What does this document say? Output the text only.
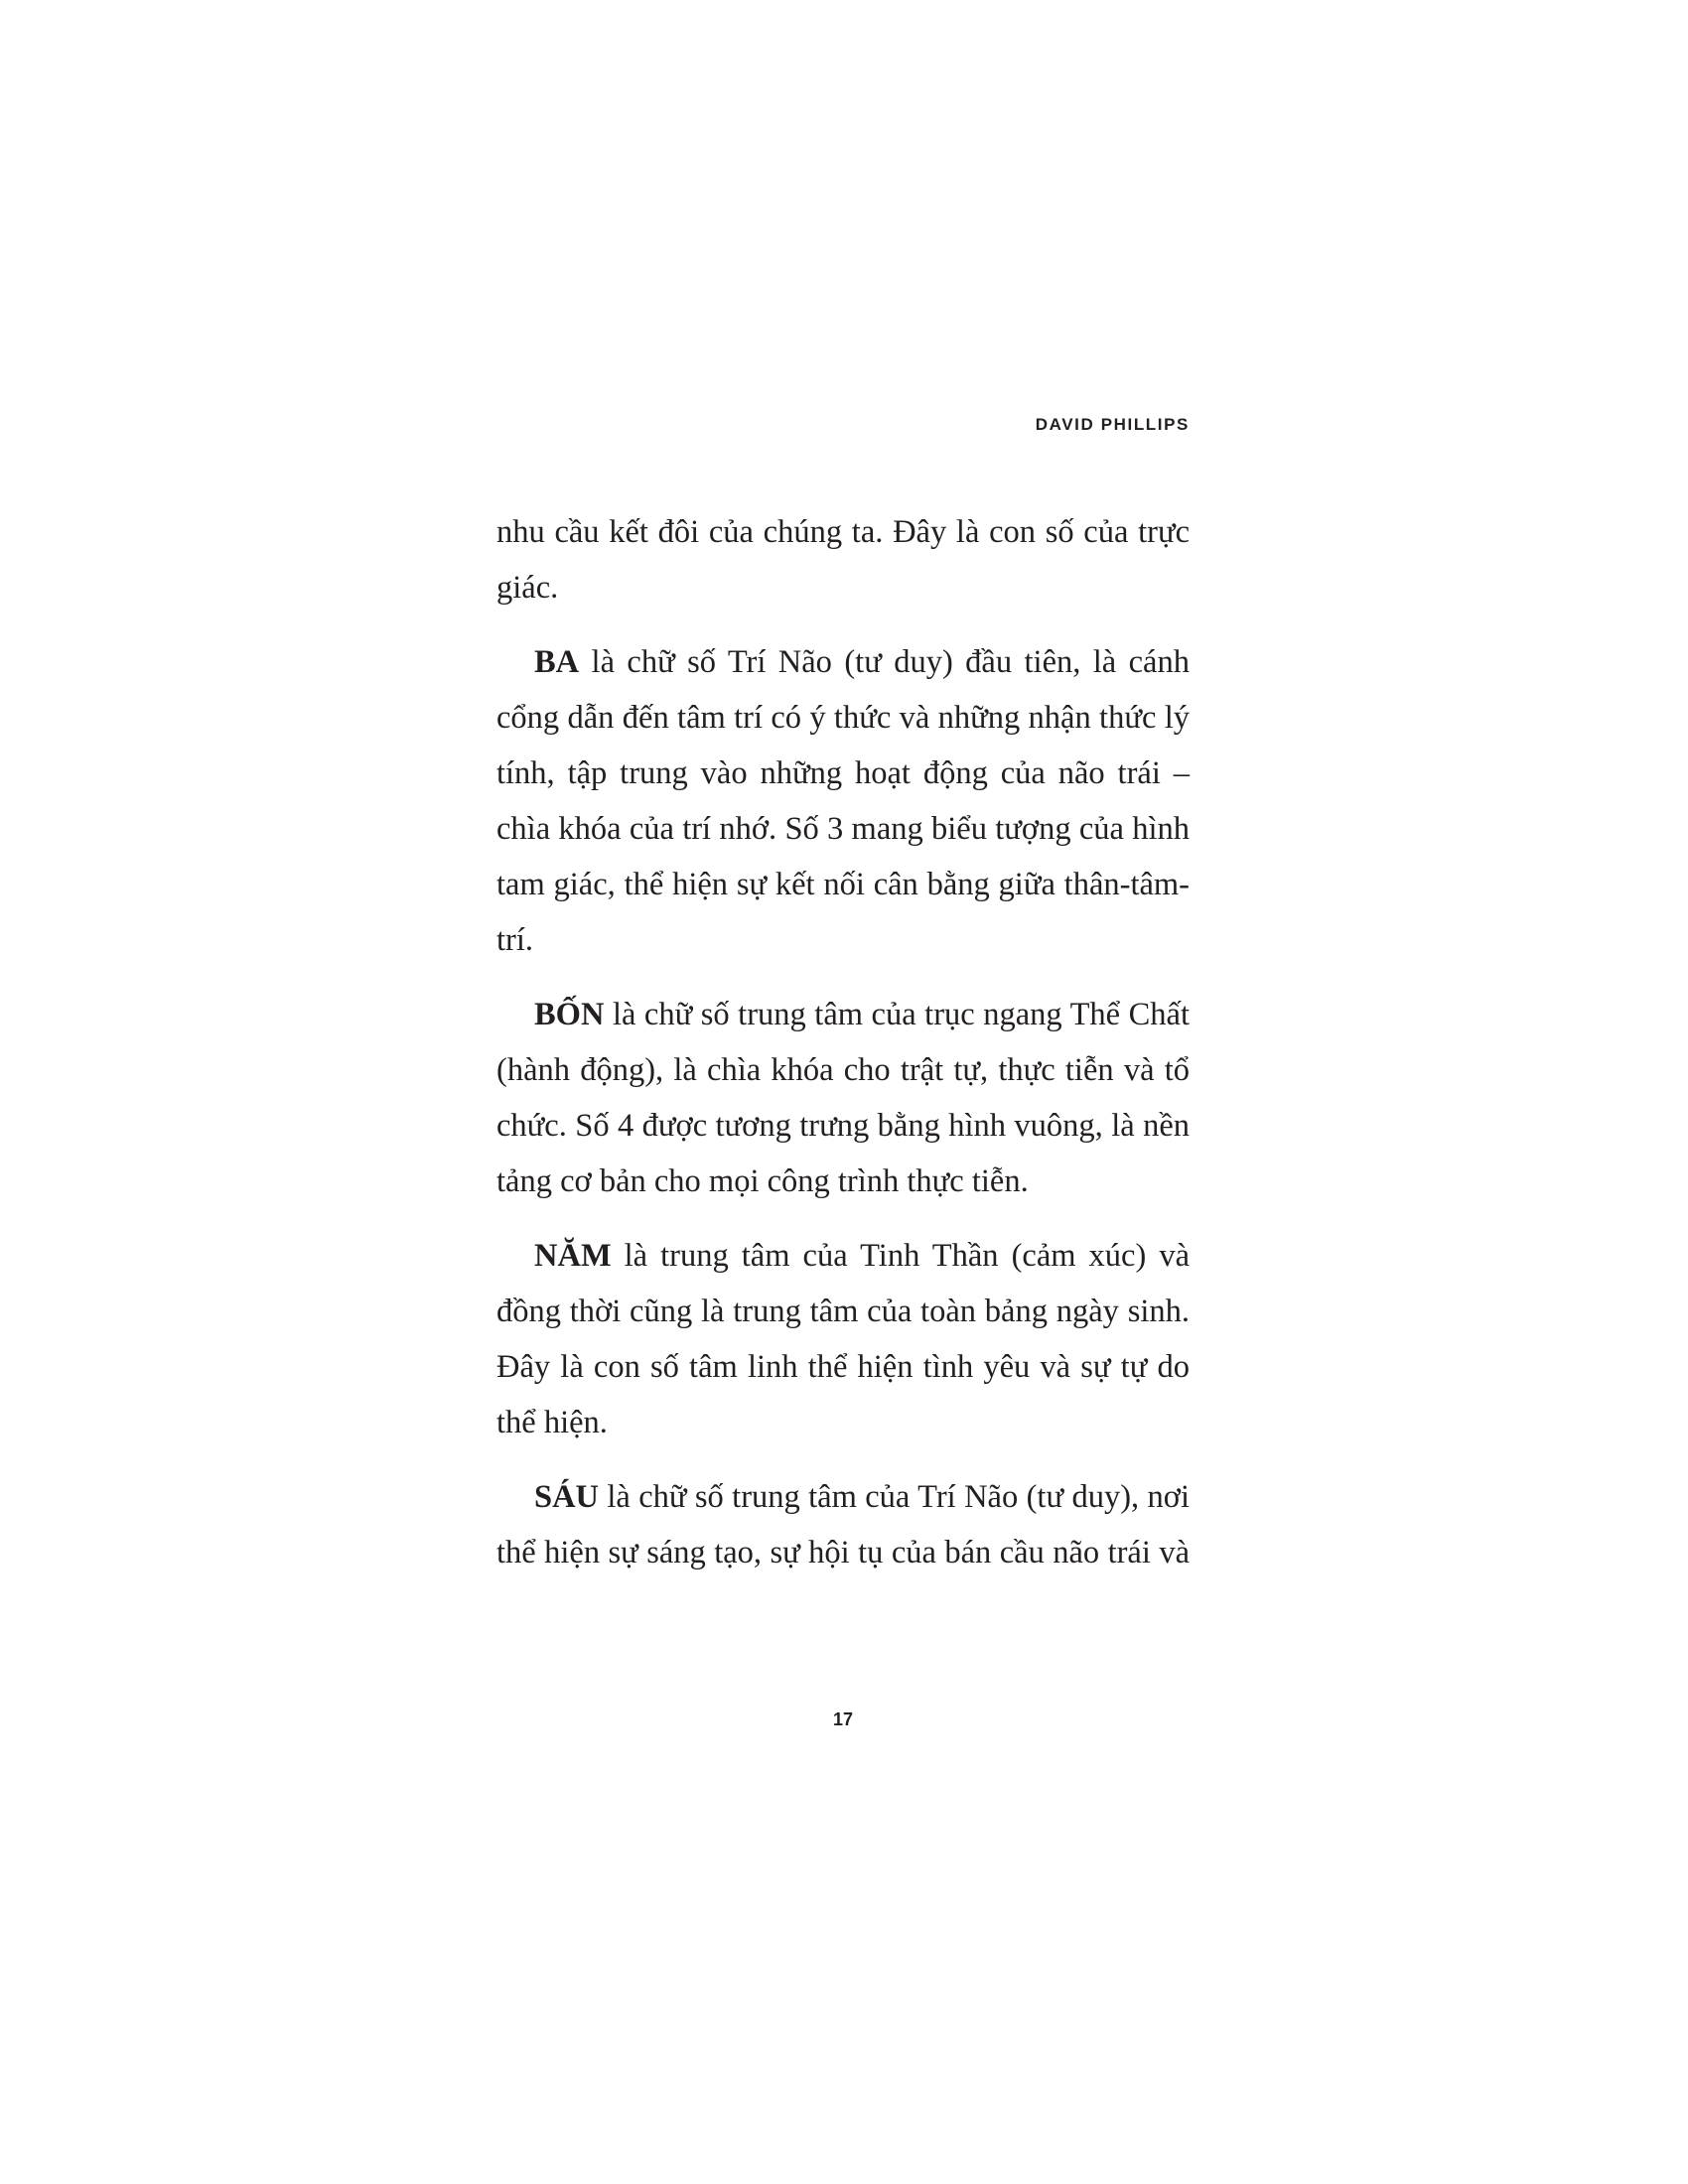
DAVID PHILLIPS

nhu cầu kết đôi của chúng ta. Đây là con số của trực giác.

BA là chữ số Trí Não (tư duy) đầu tiên, là cánh cổng dẫn đến tâm trí có ý thức và những nhận thức lý tính, tập trung vào những hoạt động của não trái – chìa khóa của trí nhớ. Số 3 mang biểu tượng của hình tam giác, thể hiện sự kết nối cân bằng giữa thân-tâm-trí.

BỐN là chữ số trung tâm của trục ngang Thể Chất (hành động), là chìa khóa cho trật tự, thực tiễn và tổ chức. Số 4 được tương trưng bằng hình vuông, là nền tảng cơ bản cho mọi công trình thực tiễn.

NĂM là trung tâm của Tinh Thần (cảm xúc) và đồng thời cũng là trung tâm của toàn bảng ngày sinh. Đây là con số tâm linh thể hiện tình yêu và sự tự do thể hiện.

SÁU là chữ số trung tâm của Trí Não (tư duy), nơi thể hiện sự sáng tạo, sự hội tụ của bán cầu não trái và

17
